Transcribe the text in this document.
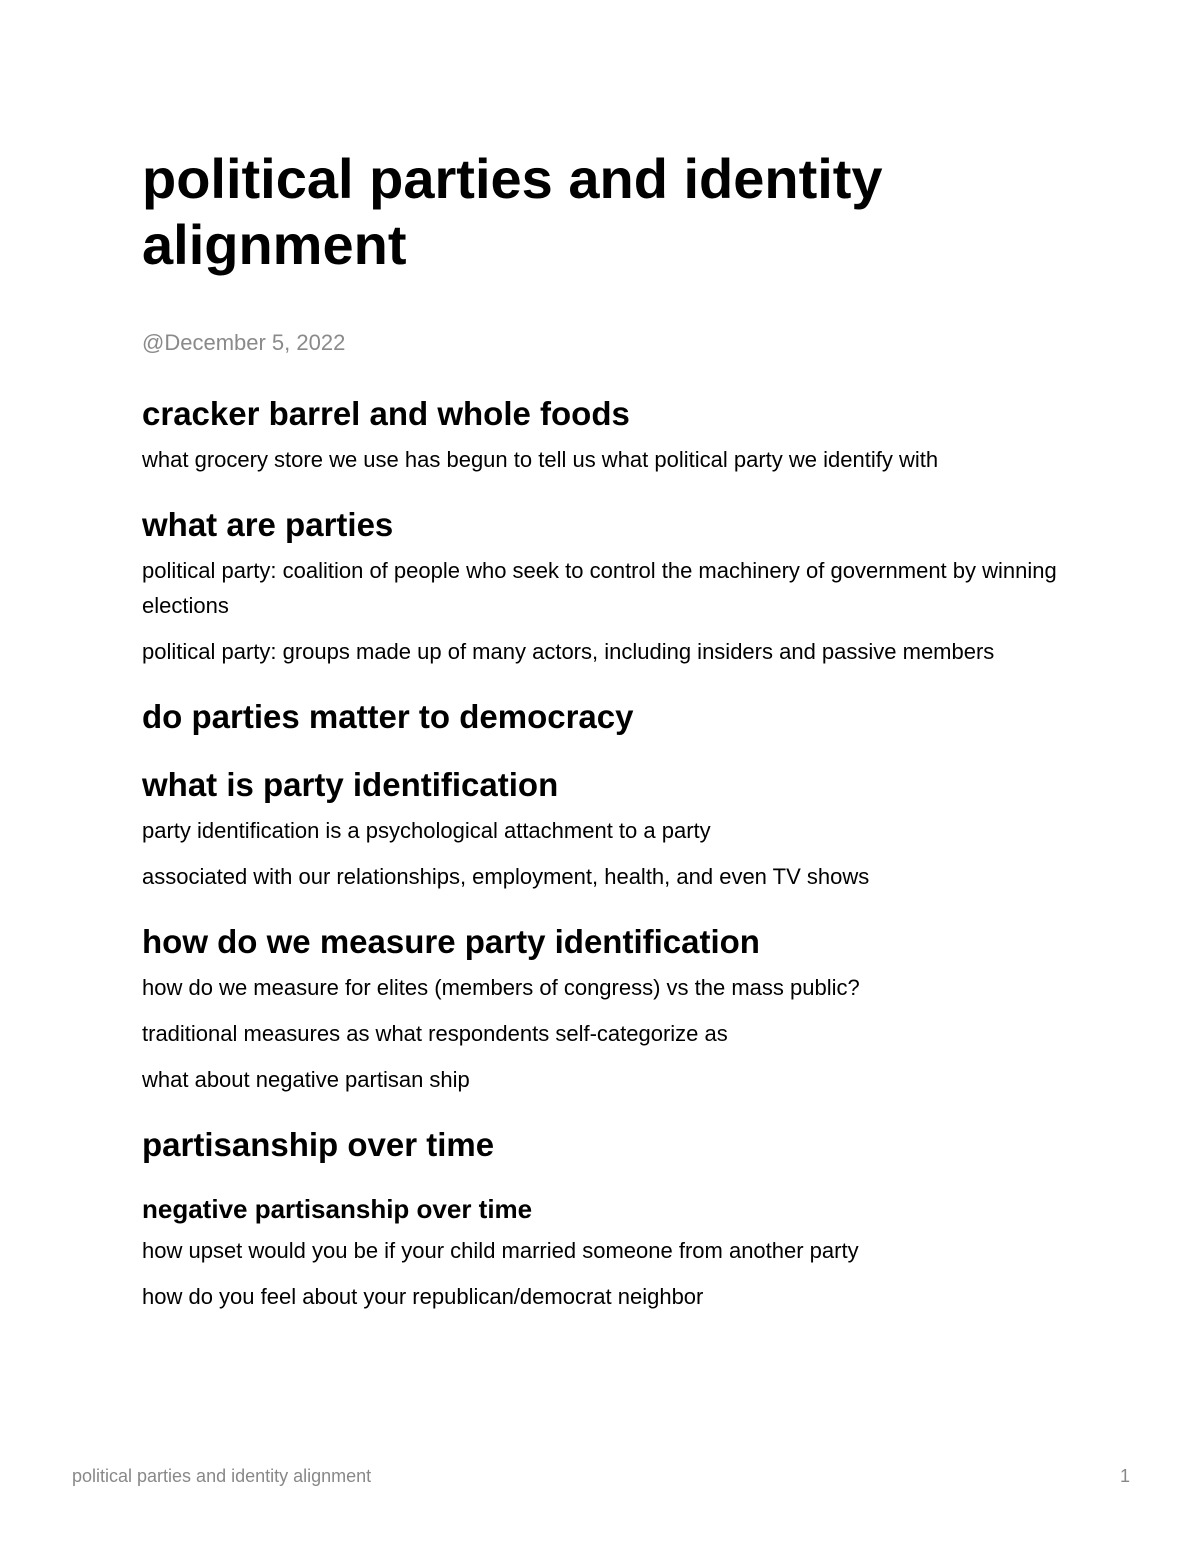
political parties and identity alignment
@December 5, 2022
cracker barrel and whole foods

what grocery store we use has begun to tell us what political party we identify with

what are parties

political party: coalition of people who seek to control the machinery of government by winning elections

political party: groups made up of many actors, including insiders and passive members

do parties matter to democracy
what is party identification

party identification is a psychological attachment to a party

associated with our relationships, employment, health, and even TV shows

how do we measure party identification

how do we measure for elites (members of congress) vs the mass public?

traditional measures as what respondents self-categorize as

what about negative partisan ship

partisanship over time
negative partisanship over time

how upset would you be if your child married someone from another party

how do you feel about your republican/democrat neighbor

political parties and identity alignment	1
